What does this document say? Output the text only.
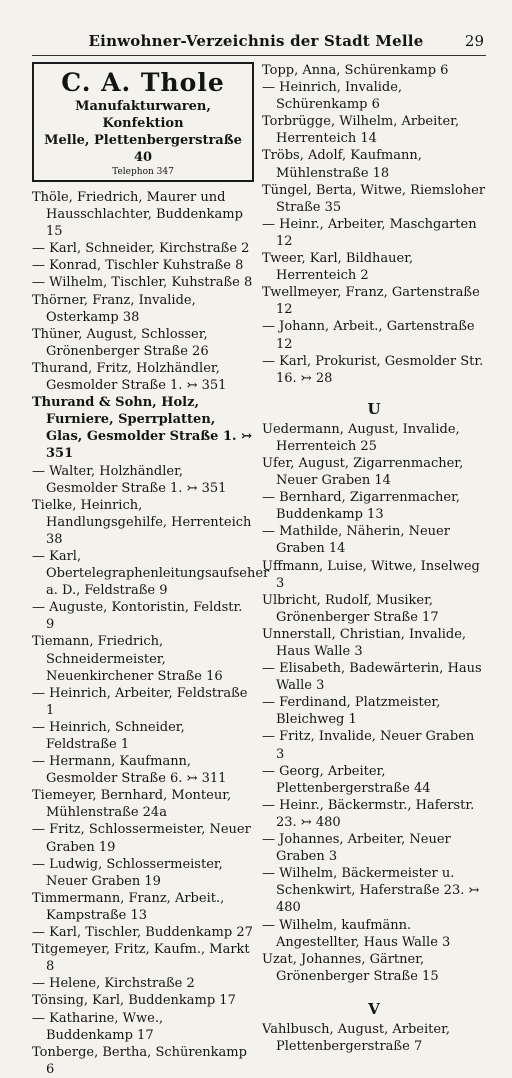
Einwohner-Verzeichnis der Stadt Melle	29
C. A. Thole
Manufakturwaren, Konfektion
Melle, Plettenbergerstraße 40
Telephon 347
Thöle, Friedrich, Maurer und Hausschlachter, Buddenkamp 15
— Karl, Schneider, Kirchstraße 2
— Konrad, Tischler Kuhstraße 8
— Wilhelm, Tischler, Kuhstraße 8
Thörner, Franz, Invalide, Osterkamp 38
Thüner, August, Schlosser, Grönenberger Straße 26
Thurand, Fritz, Holzhändler, Gesmolder Straße 1. ↣ 351
Thurand & Sohn, Holz, Furniere, Sperrplatten, Glas, Gesmolder Straße 1. ↣ 351
— Walter, Holzhändler, Gesmolder Straße 1. ↣ 351
Tielke, Heinrich, Handlungsgehilfe, Herrenteich 38
— Karl, Obertelegraphenleitungsaufseher a. D., Feldstraße 9
— Auguste, Kontoristin, Feldstr. 9
Tiemann, Friedrich, Schneidermeister, Neuenkirchener Straße 16
— Heinrich, Arbeiter, Feldstraße 1
— Heinrich, Schneider, Feldstraße 1
— Hermann, Kaufmann, Gesmolder Straße 6. ↣ 311
Tiemeyer, Bernhard, Monteur, Mühlenstraße 24a
— Fritz, Schlossermeister, Neuer Graben 19
— Ludwig, Schlossermeister, Neuer Graben 19
Timmermann, Franz, Arbeit., Kampstraße 13
— Karl, Tischler, Buddenkamp 27
Titgemeyer, Fritz, Kaufm., Markt 8
— Helene, Kirchstraße 2
Tönsing, Karl, Buddenkamp 17
— Katharine, Wwe., Buddenkamp 17
Tonberge, Bertha, Schürenkamp 6
Topp, Anna, Schürenkamp 6
— Heinrich, Invalide, Schürenkamp 6
Torbrügge, Wilhelm, Arbeiter, Herrenteich 14
Tröbs, Adolf, Kaufmann, Mühlenstraße 18
Tüngel, Berta, Witwe, Riemsloher Straße 35
— Heinr., Arbeiter, Maschgarten 12
Tweer, Karl, Bildhauer, Herrenteich 2
Twellmeyer, Franz, Gartenstraße 12
— Johann, Arbeit., Gartenstraße 12
— Karl, Prokurist, Gesmolder Str. 16. ↣ 28
U
Uedermann, August, Invalide, Herrenteich 25
Ufer, August, Zigarrenmacher, Neuer Graben 14
— Bernhard, Zigarrenmacher, Buddenkamp 13
— Mathilde, Näherin, Neuer Graben 14
Uffmann, Luise, Witwe, Inselweg 3
Ulbricht, Rudolf, Musiker, Grönenberger Straße 17
Unnerstall, Christian, Invalide, Haus Walle 3
— Elisabeth, Badewärterin, Haus Walle 3
— Ferdinand, Platzmeister, Bleichweg 1
— Fritz, Invalide, Neuer Graben 3
— Georg, Arbeiter, Plettenbergerstraße 44
— Heinr., Bäckermstr., Haferstr. 23. ↣ 480
— Johannes, Arbeiter, Neuer Graben 3
— Wilhelm, Bäckermeister u. Schenkwirt, Haferstraße 23. ↣ 480
— Wilhelm, kaufmänn. Angestellter, Haus Walle 3
Uzat, Johannes, Gärtner, Grönenberger Straße 15
V
Vahlbusch, August, Arbeiter, Plettenbergerstraße 7
